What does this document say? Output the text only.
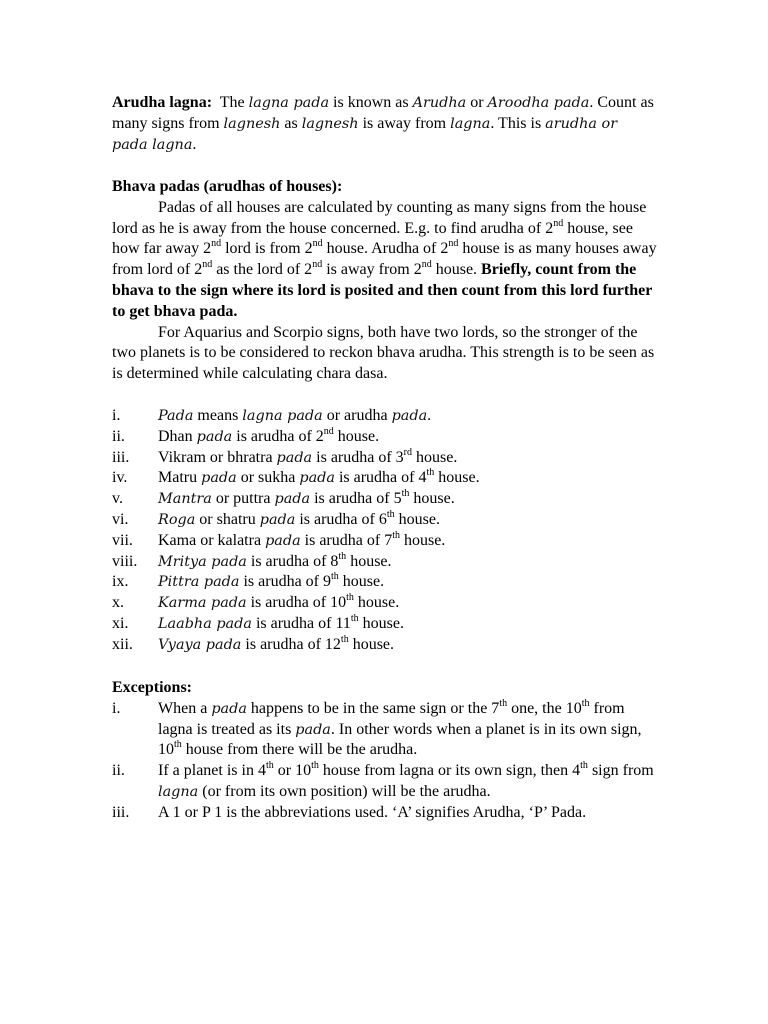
Arudha lagna: The lagna pada is known as Arudha or Aroodha pada. Count as many signs from lagnesh as lagnesh is away from lagna. This is arudha or pada lagna.

Bhava padas (arudhas of houses):

Padas of all houses are calculated by counting as many signs from the house lord as he is away from the house concerned. E.g. to find arudha of 2nd house, see how far away 2nd lord is from 2nd house. Arudha of 2nd house is as many houses away from lord of 2nd as the lord of 2nd is away from 2nd house. Briefly, count from the bhava to the sign where its lord is posited and then count from this lord further to get bhava pada.

For Aquarius and Scorpio signs, both have two lords, so the stronger of the two planets is to be considered to reckon bhava arudha. This strength is to be seen as is determined while calculating chara dasa.

i.	Pada means lagna pada or arudha pada.
ii. Dhan pada is arudha of 2nd house.
iii. Vikram or bhratra pada is arudha of 3rd house.
iv. Matru pada or sukha pada is arudha of 4th house.
v. Mantra or puttra pada is arudha of 5th house.
vi. Roga or shatru pada is arudha of 6th house.
vii. Kama or kalatra pada is arudha of 7th house.
viii. Mritya pada is arudha of 8th house.
ix. Pittra pada is arudha of 9th house.
x. Karma pada is arudha of 10th house.
xi. Laabha pada is arudha of 11th house.
xii. Vyaya pada is arudha of 12th house.

Exceptions:

i. When a pada happens to be in the same sign or the 7th one, the 10th from lagna is treated as its pada. In other words when a planet is in its own sign, 10th house from there will be the arudha.
ii. If a planet is in 4th or 10th house from lagna or its own sign, then 4th sign from lagna (or from its own position) will be the arudha.
iii. A 1 or P 1 is the abbreviations used. ‘A’ signifies Arudha, ‘P’ Pada.
